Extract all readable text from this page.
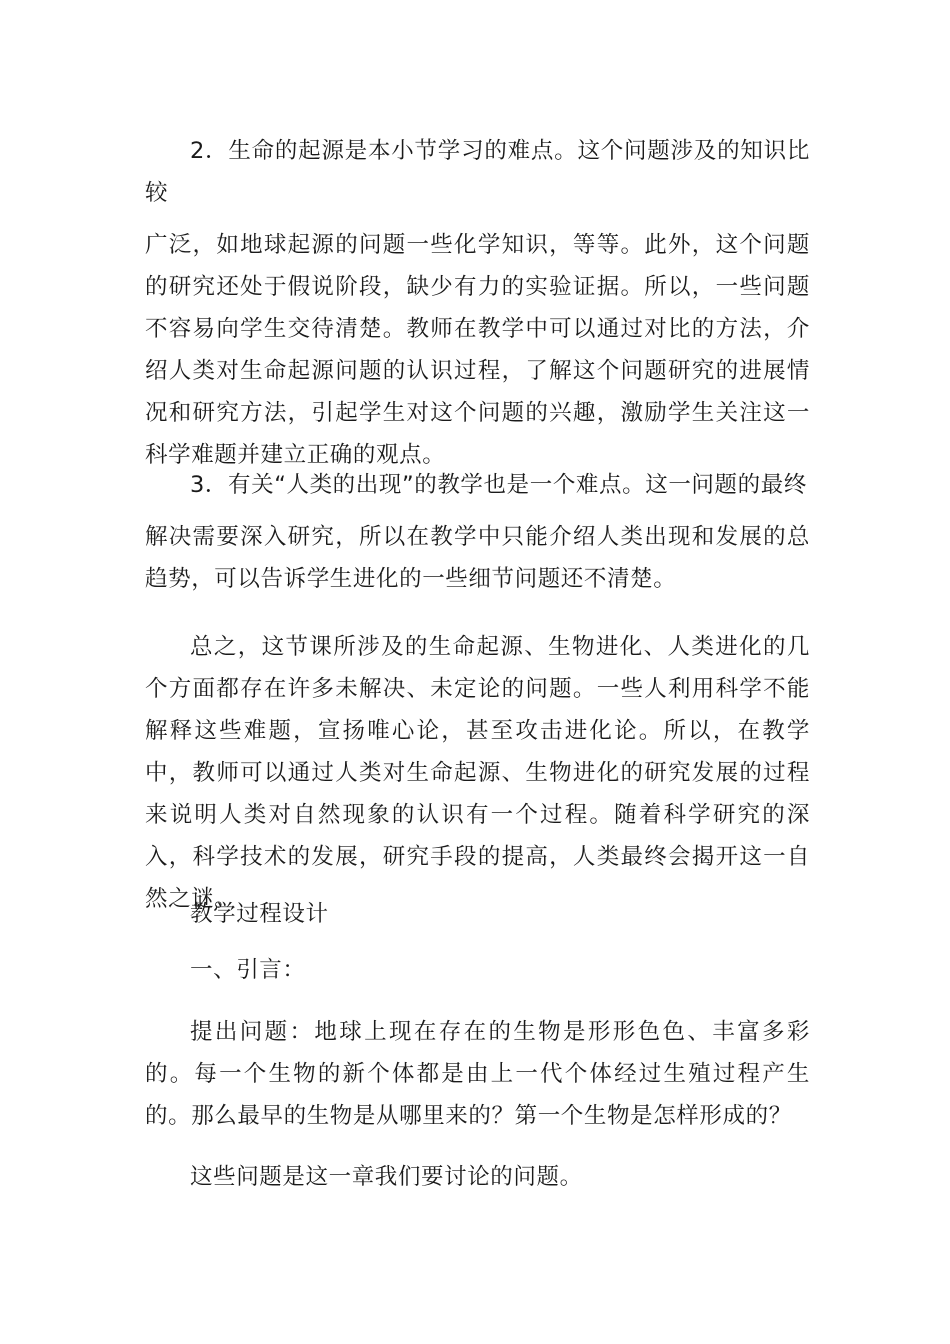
2．生命的起源是本小节学习的难点。这个问题涉及的知识比较
广泛，如地球起源的问题一些化学知识，等等。此外，这个问题的研究还处于假说阶段，缺少有力的实验证据。所以，一些问题不容易向学生交待清楚。教师在教学中可以通过对比的方法，介绍人类对生命起源问题的认识过程，了解这个问题研究的进展情况和研究方法，引起学生对这个问题的兴趣，激励学生关注这一科学难题并建立正确的观点。

3．有关“人类的出现”的教学也是一个难点。这一问题的最终
解决需要深入研究，所以在教学中只能介绍人类出现和发展的总趋势，可以告诉学生进化的一些细节问题还不清楚。

总之，这节课所涉及的生命起源、生物进化、人类进化的几个方面都存在许多未解决、未定论的问题。一些人利用科学不能解释这些难题，宣扬唯心论，甚至攻击进化论。所以，在教学中，教师可以通过人类对生命起源、生物进化的研究发展的过程来说明人类对自然现象的认识有一个过程。随着科学研究的深入，科学技术的发展，研究手段的提高，人类最终会揭开这一自然之谜。

教学过程设计

一、引言：

提出问题：地球上现在存在的生物是形形色色、丰富多彩的。每一个生物的新个体都是由上一代个体经过生殖过程产生的。那么最早的生物是从哪里来的？第一个生物是怎样形成的？

这些问题是这一章我们要讨论的问题。
